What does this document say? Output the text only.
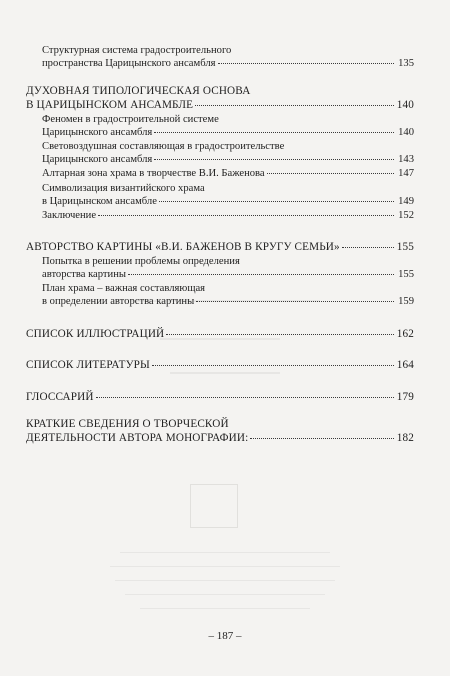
Структурная система градостроительного
пространства Царицынского ансамбля	135
ДУХОВНАЯ ТИПОЛОГИЧЕСКАЯ ОСНОВА
В ЦАРИЦЫНСКОМ АНСАМБЛЕ	140
Феномен в градостроительной системе
Царицынского ансамбля	140
Световоздушная составляющая в градостроительстве
Царицынского ансамбля	143
Алтарная зона храма в творчестве В.И. Баженова	147
Символизация византийского храма
в Царицынском ансамбле	149
Заключение	152
АВТОРСТВО КАРТИНЫ «В.И. БАЖЕНОВ В КРУГУ СЕМЬИ»	155
Попытка в решении проблемы определения
авторства картины	155
План храма – важная составляющая
в определении авторства картины	159
СПИСОК ИЛЛЮСТРАЦИЙ	162
СПИСОК ЛИТЕРАТУРЫ	164
ГЛОССАРИЙ	179
КРАТКИЕ СВЕДЕНИЯ О ТВОРЧЕСКОЙ
ДЕЯТЕЛЬНОСТИ АВТОРА МОНОГРАФИИ:	182
– 187 –
